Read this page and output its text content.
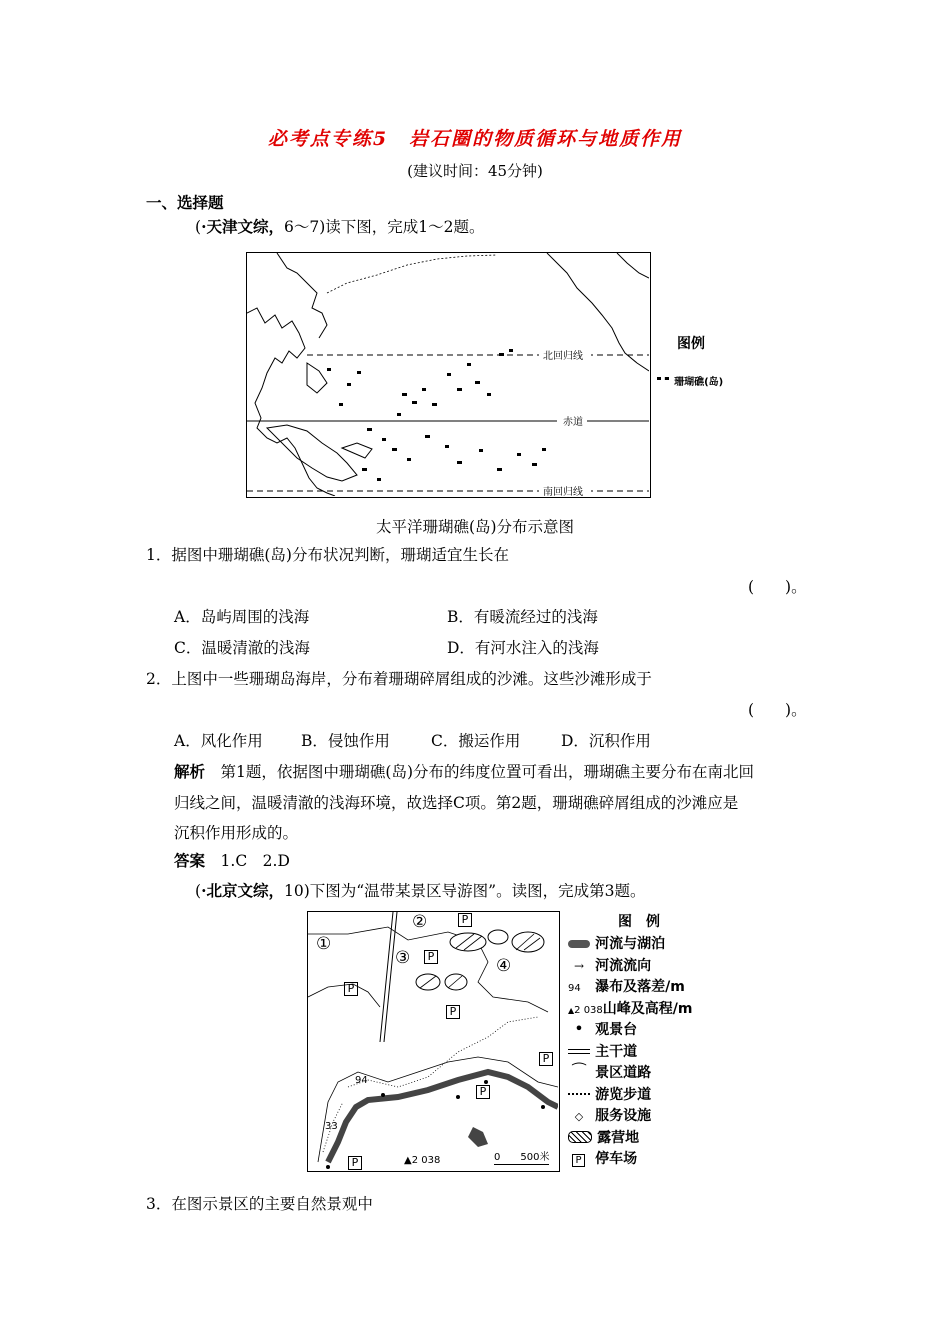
必考点专练5　岩石圈的物质循环与地质作用
(建议时间：45分钟)
一、选择题
(·天津文综，6～7)读下图，完成1～2题。
北回归线
赤道
南回归线
图例
珊瑚礁(岛)
太平洋珊瑚礁(岛)分布示意图
1．据图中珊瑚礁(岛)分布状况判断，珊瑚适宜生长在
(　　)。
A．岛屿周围的浅海	B．有暖流经过的浅海
C．温暖清澈的浅海	D．有河水注入的浅海
2．上图中一些珊瑚岛海岸，分布着珊瑚碎屑组成的沙滩。这些沙滩形成于
(　　)。
A．风化作用 B．侵蚀作用	C．搬运作用	D．沉积作用
解析　 第1题，依据图中珊瑚礁(岛)分布的纬度位置可看出，珊瑚礁主要分布在南北回
归线之间，温暖清澈的浅海环境，故选择C项。第2题，珊瑚礁碎屑组成的沙滩应是
沉积作用形成的。
答案　 1.C　2.D
(·北京文综，10)下图为“温带某景区导游图”。读图，完成第3题。
①
②
③	④
P
P
P
P
P
P
P
94
33
▲2 038	0　　500米
图　例
河流与湖泊
→ 河流流向
94 瀑布及落差/m
▲2 038山峰及高程/m
• 观景台
主干道
⁀ 景区道路
游览步道
◇ 服务设施
露营地
P 停车场
3．在图示景区的主要自然景观中
